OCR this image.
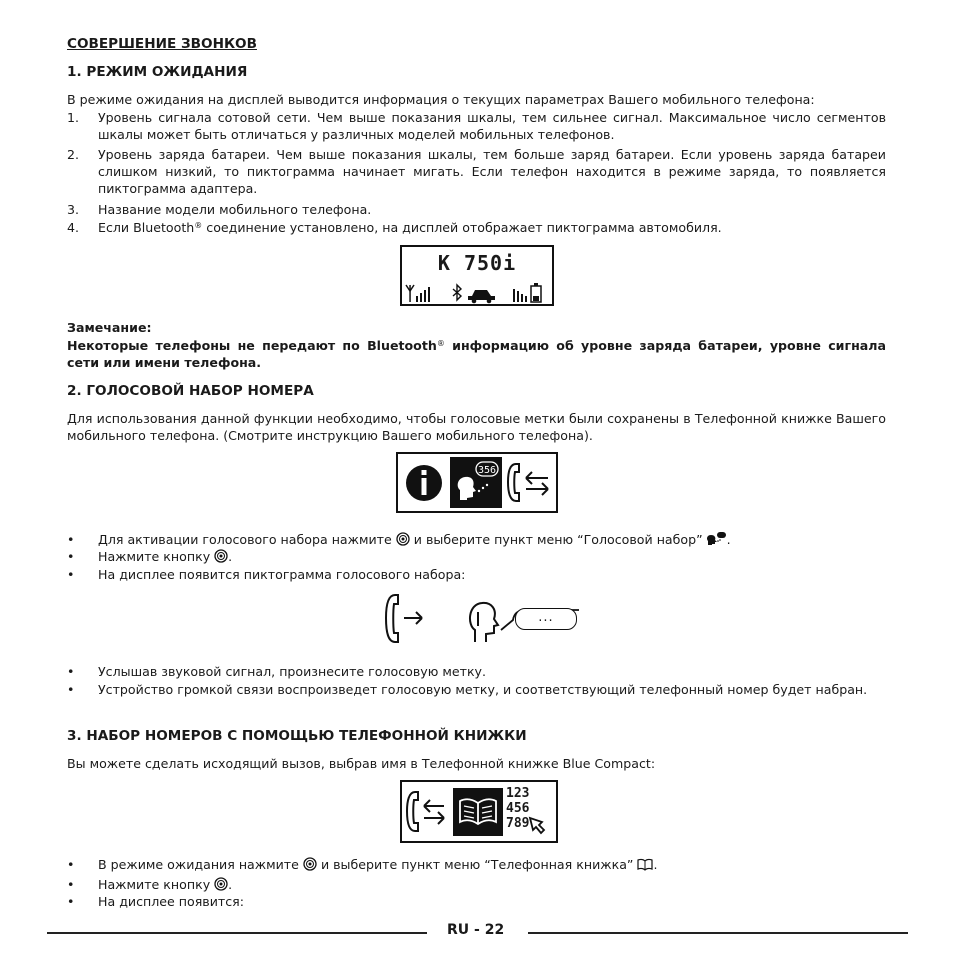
СОВЕРШЕНИЕ ЗВОНКОВ
1. РЕЖИМ ОЖИДАНИЯ
В режиме ожидания на дисплей выводится информация о текущих параметрах Вашего мобильного телефона:
1. Уровень сигнала сотовой сети. Чем выше показания шкалы, тем сильнее сигнал. Максимальное число сегментов шкалы может быть отличаться у различных моделей мобильных телефонов.
2. Уровень заряда батареи. Чем выше показания шкалы, тем больше заряд батареи. Если уровень заряда батареи слишком низкий, то пиктограмма начинает мигать. Если телефон находится в режиме заряда, то появляется пиктограмма адаптера.
3. Название модели мобильного телефона.
4. Если Bluetooth® соединение установлено, на дисплей отображает пиктограмма автомобиля.
K 750i
Замечание:
Некоторые телефоны не передают по Bluetooth® информацию об уровне заряда батареи, уровне сигнала сети или имени телефона.
2. ГОЛОСОВОЙ НАБОР НОМЕРА
Для использования данной функции необходимо, чтобы голосовые метки были сохранены в Телефонной книжке Вашего мобильного телефона. (Смотрите инструкцию Вашего мобильного телефона).
356
• Для активации голосового набора нажмите и выберите пункт меню “Голосовой набор” .
• Нажмите кнопку .
• На дисплее появится пиктограмма голосового набора:
...
• Услышав звуковой сигнал, произнесите голосовую метку.
• Устройство громкой связи воспроизведет голосовую метку, и соответствующий телефонный номер будет набран.
3. НАБОР НОМЕРОВ С ПОМОЩЬЮ ТЕЛЕФОННОЙ КНИЖКИ
Вы можете сделать исходящий вызов, выбрав имя в Телефонной книжке Blue Compact:
123
456
789
• В режиме ожидания нажмите и выберите пункт меню “Телефонная книжка” .
• Нажмите кнопку .
• На дисплее появится:
RU - 22
